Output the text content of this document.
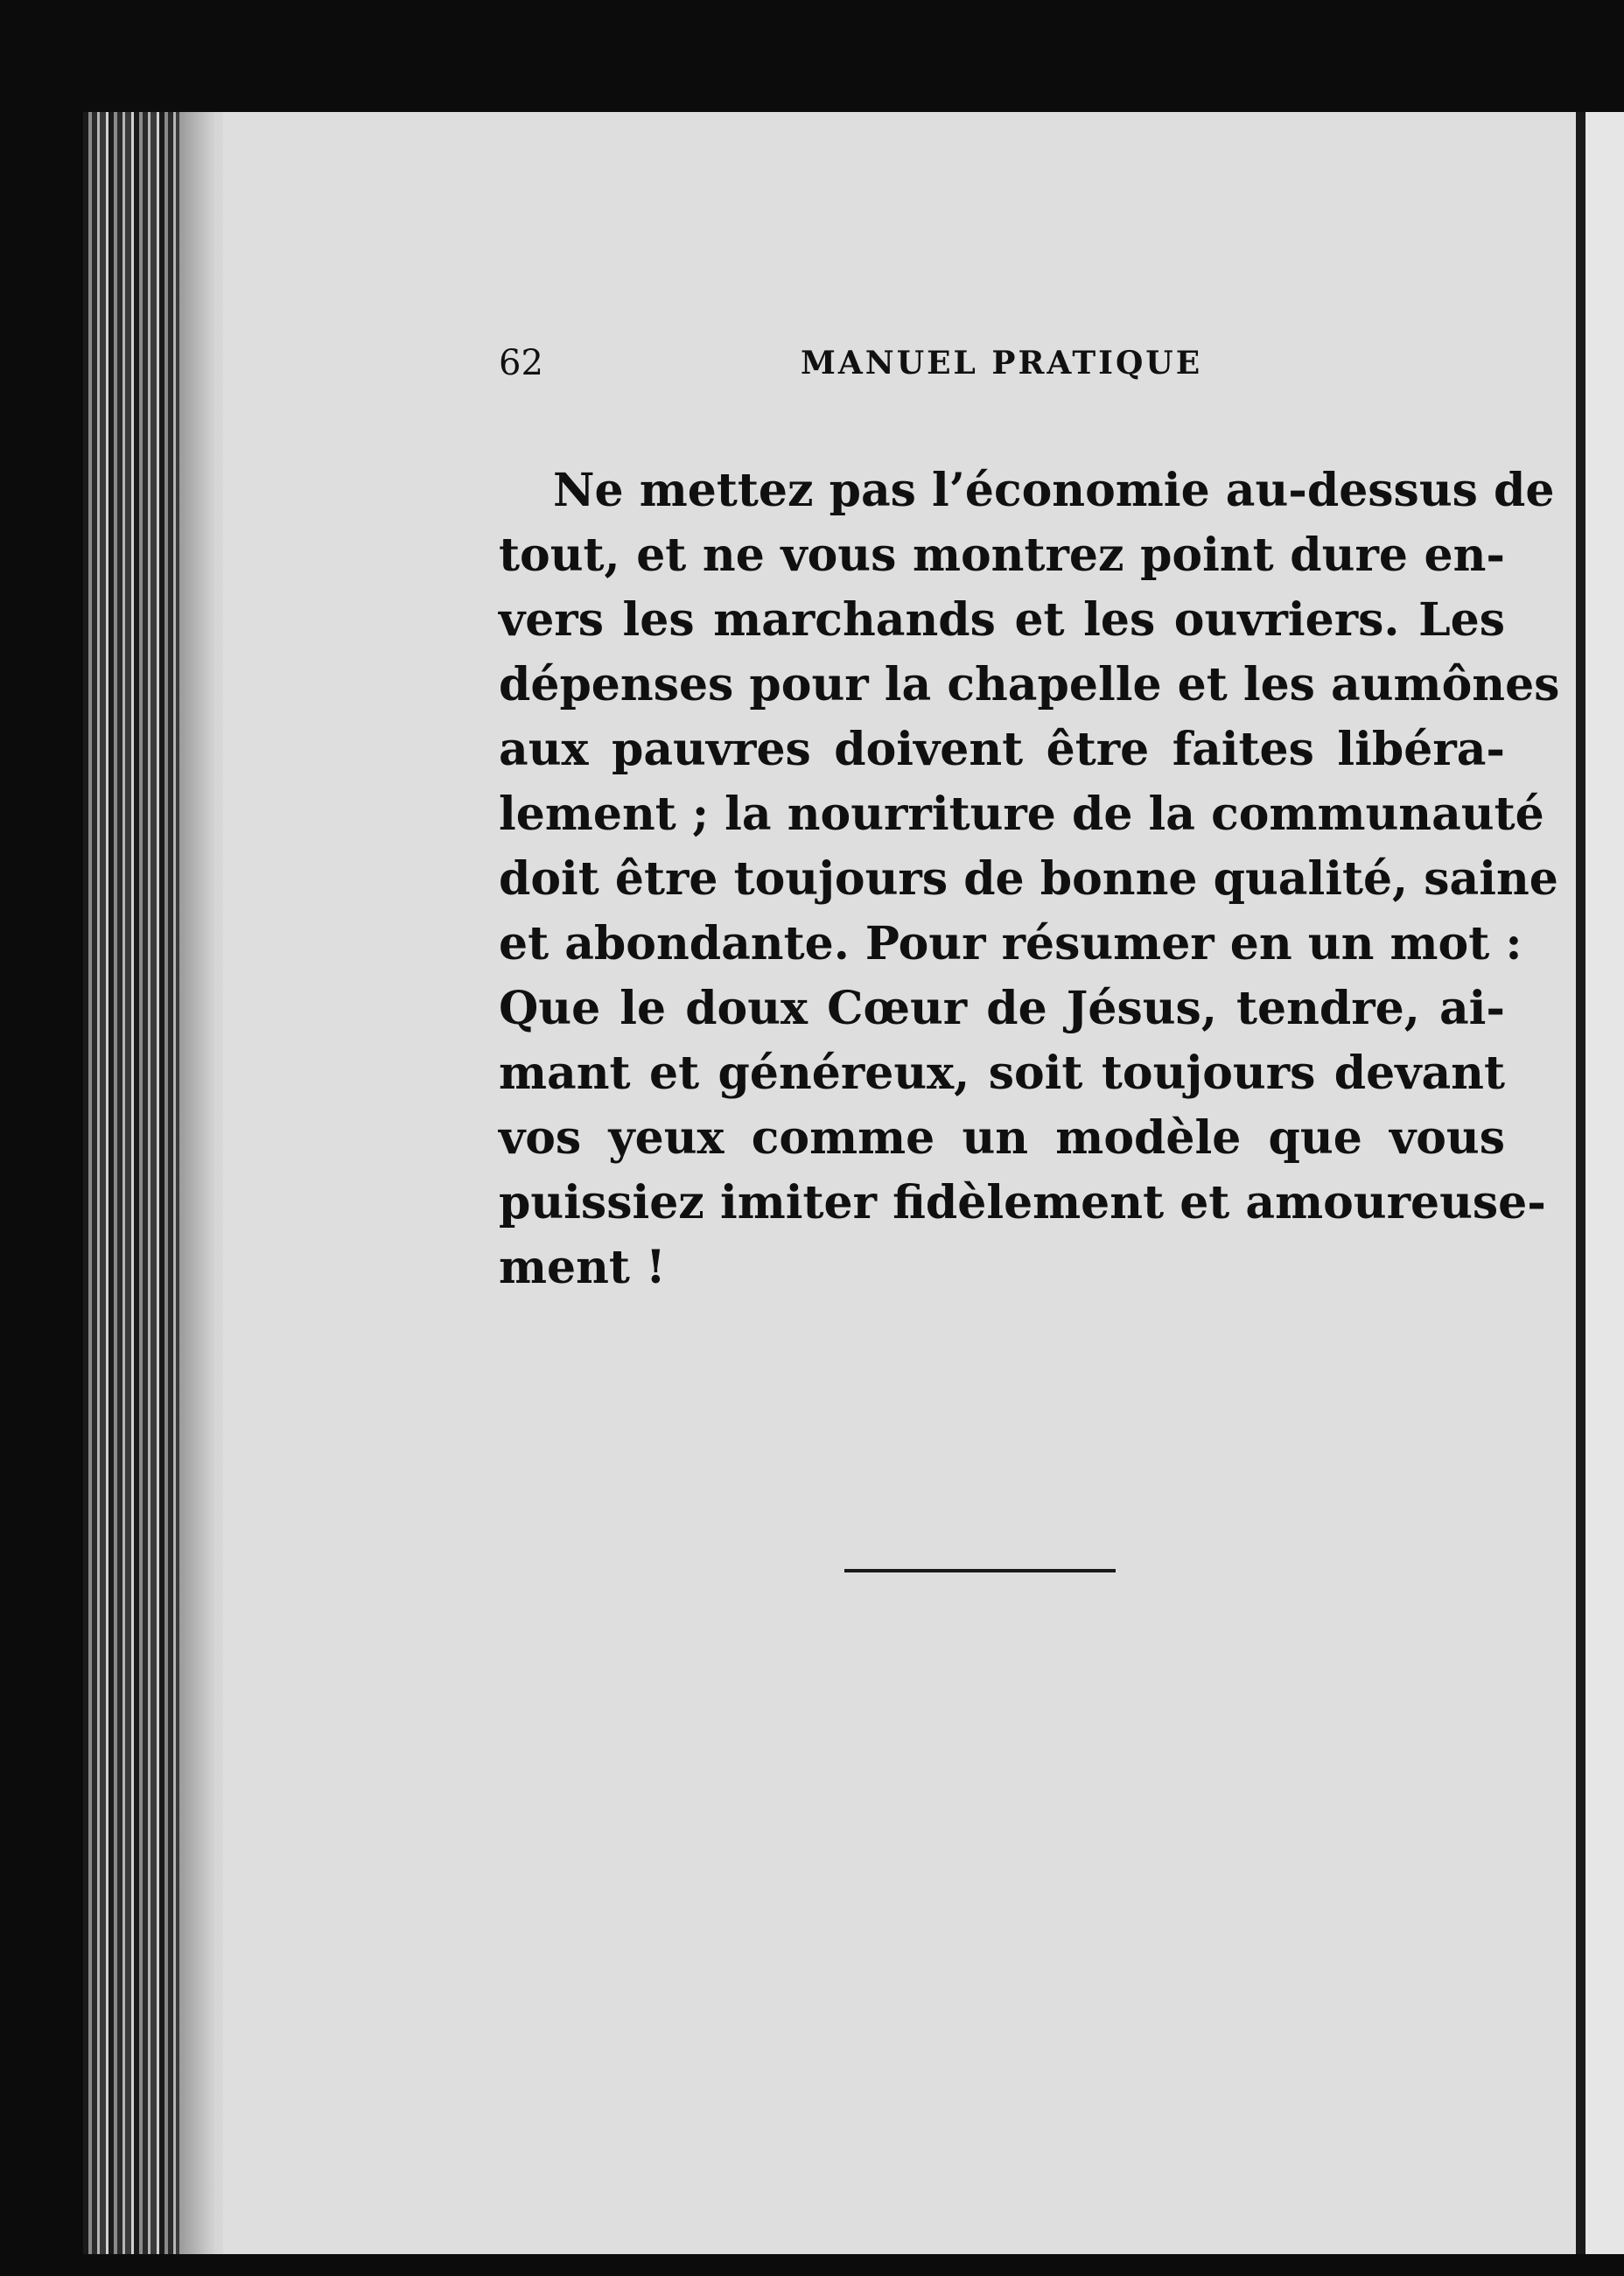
62	MANUEL PRATIQUE
Ne mettez pas l’économie au-dessus de
tout, et ne vous montrez point dure en-
vers les marchands et les ouvriers. Les
dépenses pour la chapelle et les aumônes
aux pauvres doivent être faites libéra-
lement ; la nourriture de la communauté
doit être toujours de bonne qualité, saine
et abondante. Pour résumer en un mot :
Que le doux Cœur de Jésus, tendre, ai-
mant et généreux, soit toujours devant
vos yeux comme un modèle que vous
puissiez imiter fidèlement et amoureuse-
ment !
